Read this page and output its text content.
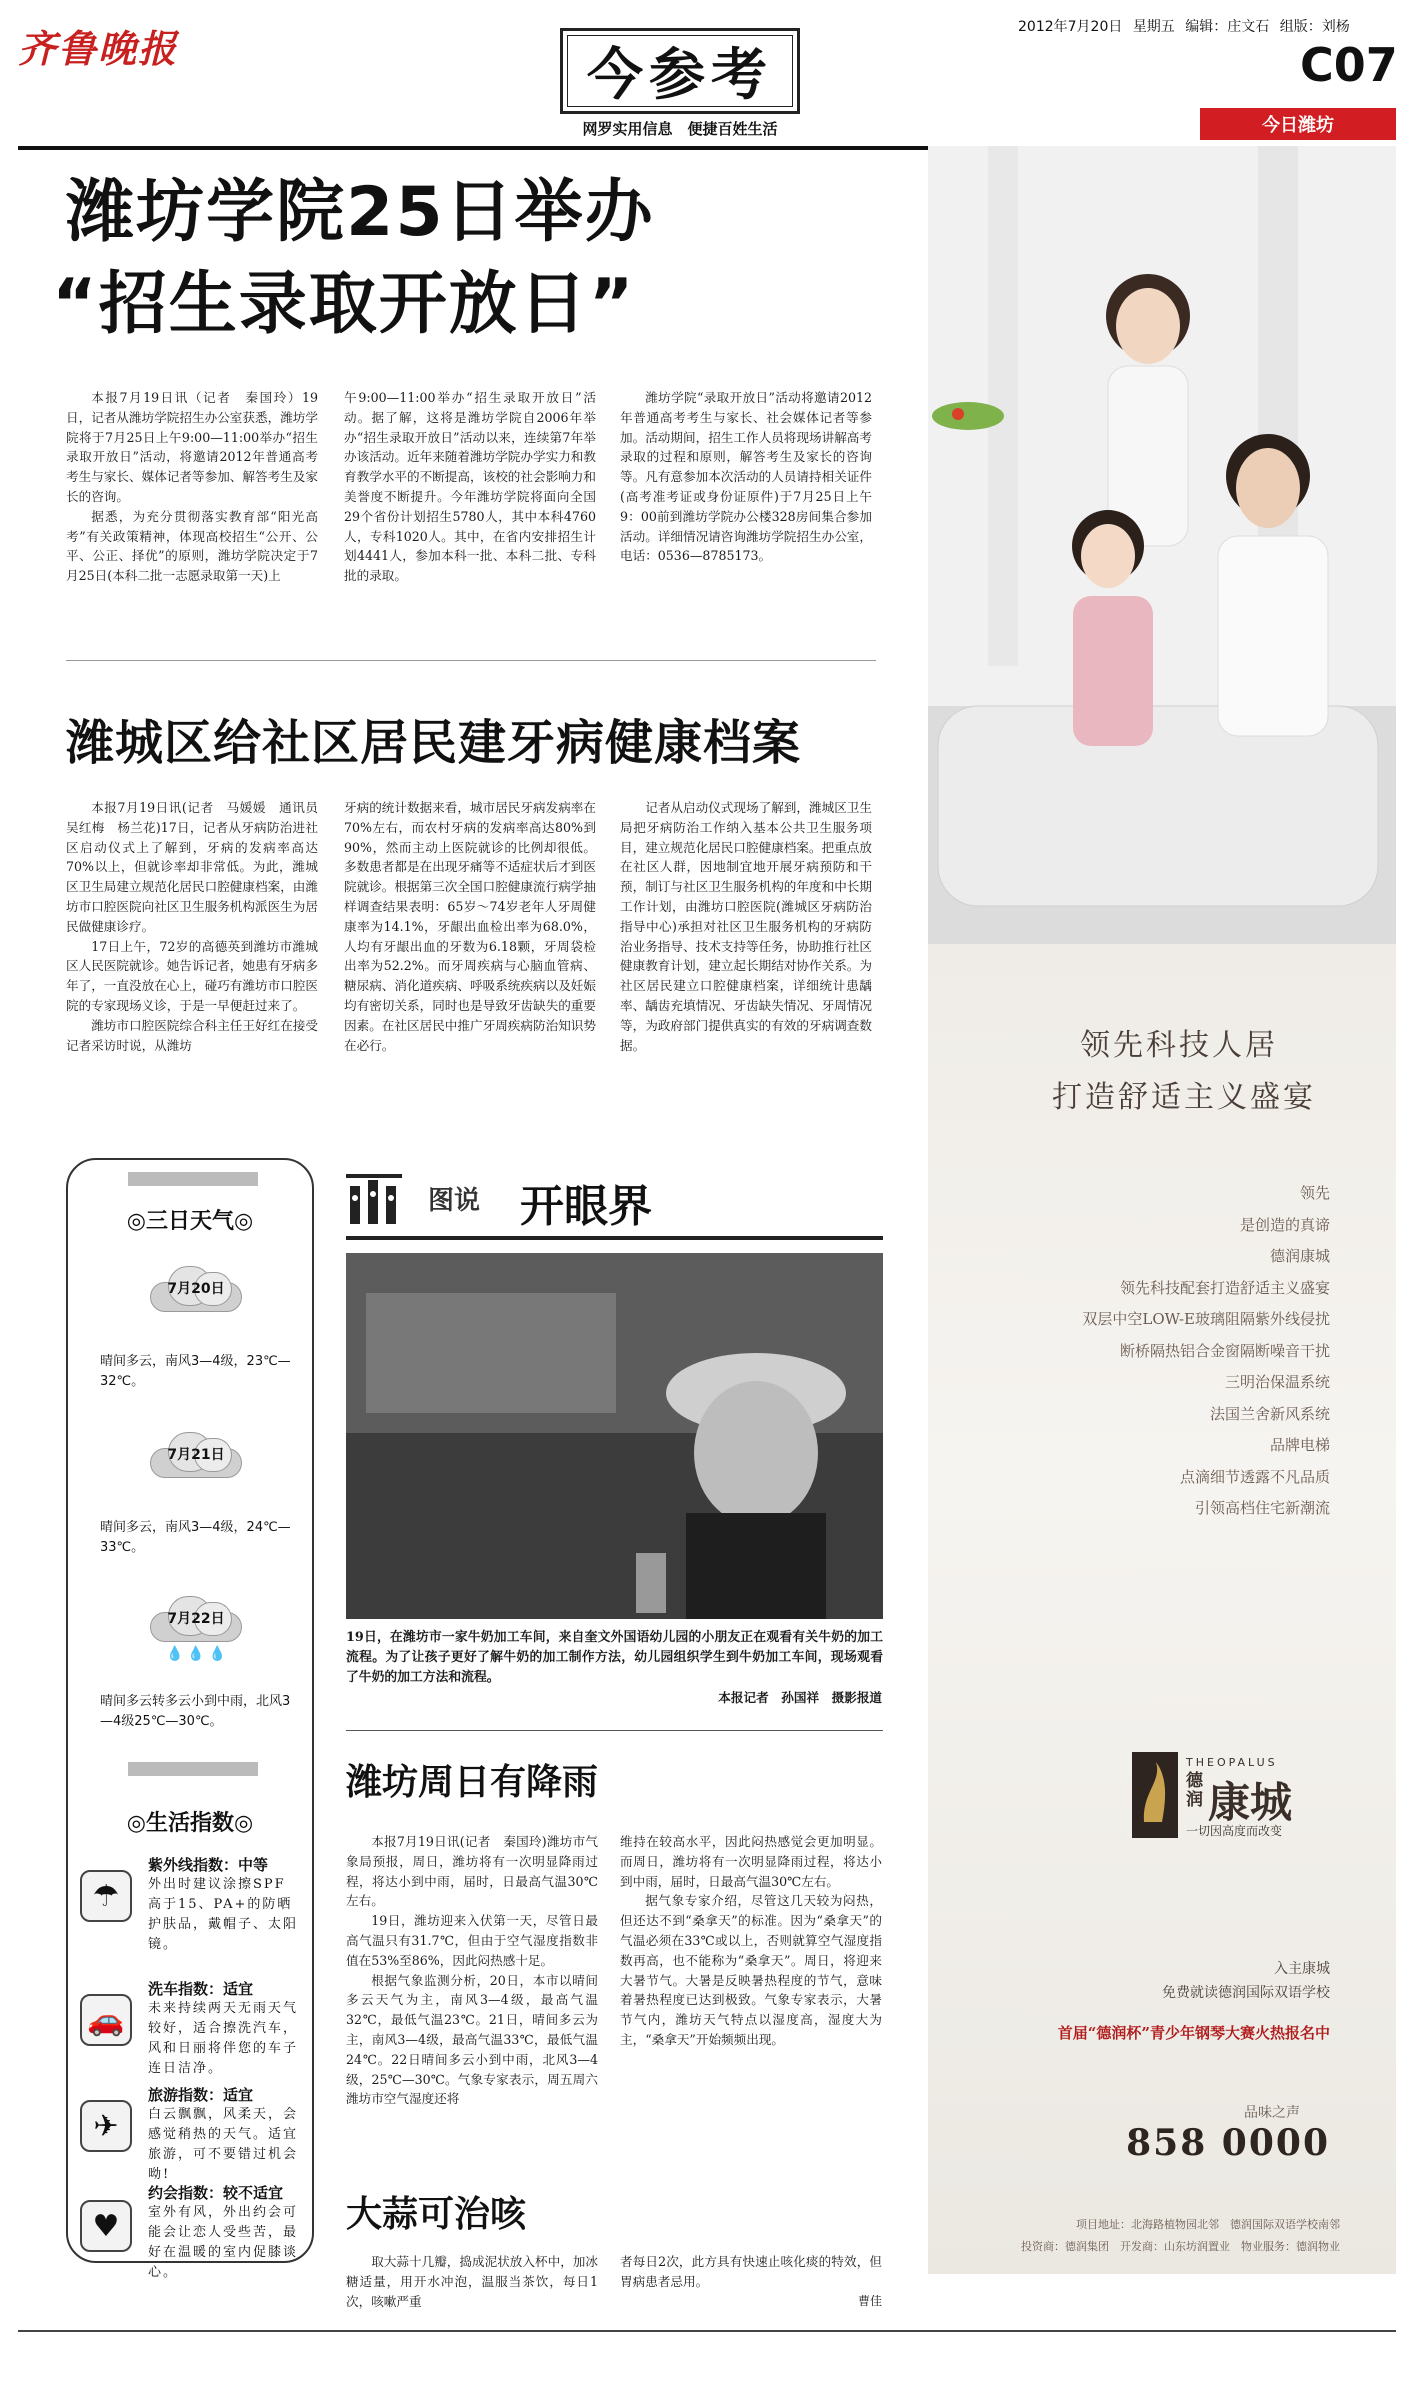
齐鲁晚报	今参考
网罗实用信息　便捷百姓生活
2012年7月20日 星期五 编辑：庄文石 组版：刘杨
C07
今日潍坊
潍坊学院25日举办
“招生录取开放日”

本报7月19日讯（记者　秦国玲）19日，记者从潍坊学院招生办公室获悉，潍坊学院将于7月25日上午9:00—11:00举办“招生录取开放日”活动，将邀请2012年普通高考考生与家长、媒体记者等参加、解答考生及家长的咨询。

据悉，为充分贯彻落实教育部“阳光高考”有关政策精神，体现高校招生“公开、公平、公正、择优”的原则，潍坊学院决定于7月25日(本科二批一志愿录取第一天)上

午9:00—11:00举办“招生录取开放日”活动。据了解，这将是潍坊学院自2006年举办“招生录取开放日”活动以来，连续第7年举办该活动。近年来随着潍坊学院办学实力和教育教学水平的不断提高，该校的社会影响力和美誉度不断提升。今年潍坊学院将面向全国29个省份计划招生5780人，其中本科4760人，专科1020人。其中，在省内安排招生计划4441人，参加本科一批、本科二批、专科批的录取。

潍坊学院“录取开放日”活动将邀请2012年普通高考考生与家长、社会媒体记者等参加。活动期间，招生工作人员将现场讲解高考录取的过程和原则，解答考生及家长的咨询等。凡有意参加本次活动的人员请持相关证件(高考准考证或身份证原件)于7月25日上午9：00前到潍坊学院办公楼328房间集合参加活动。详细情况请咨询潍坊学院招生办公室，电话：0536—8785173。

潍城区给社区居民建牙病健康档案

本报7月19日讯(记者　马媛媛　通讯员　吴红梅　杨兰花)17日，记者从牙病防治进社区启动仪式上了解到，牙病的发病率高达70%以上，但就诊率却非常低。为此，潍城区卫生局建立规范化居民口腔健康档案，由潍坊市口腔医院向社区卫生服务机构派医生为居民做健康诊疗。

17日上午，72岁的高德英到潍坊市潍城区人民医院就诊。她告诉记者，她患有牙病多年了，一直没放在心上，碰巧有潍坊市口腔医院的专家现场义诊，于是一早便赶过来了。

潍坊市口腔医院综合科主任王好红在接受记者采访时说，从潍坊

牙病的统计数据来看，城市居民牙病发病率在70%左右，而农村牙病的发病率高达80%到90%，然而主动上医院就诊的比例却很低。多数患者都是在出现牙痛等不适症状后才到医院就诊。根据第三次全国口腔健康流行病学抽样调查结果表明：65岁～74岁老年人牙周健康率为14.1%，牙龈出血检出率为68.0%，人均有牙龈出血的牙数为6.18颗，牙周袋检出率为52.2%。而牙周疾病与心脑血管病、糖尿病、消化道疾病、呼吸系统疾病以及妊娠均有密切关系，同时也是导致牙齿缺失的重要因素。在社区居民中推广牙周疾病防治知识势在必行。

记者从启动仪式现场了解到，潍城区卫生局把牙病防治工作纳入基本公共卫生服务项目，建立规范化居民口腔健康档案。把重点放在社区人群，因地制宜地开展牙病预防和干预，制订与社区卫生服务机构的年度和中长期工作计划，由潍坊口腔医院(潍城区牙病防治指导中心)承担对社区卫生服务机构的牙病防治业务指导、技术支持等任务，协助推行社区健康教育计划，建立起长期结对协作关系。为社区居民建立口腔健康档案，详细统计患龋率、龋齿充填情况、牙齿缺失情况、牙周情况等，为政府部门提供真实的有效的牙病调查数据。

◎三日天气◎
7月20日
晴间多云，南风3—4级，23℃—32℃。
7月21日
晴间多云，南风3—4级，24℃—33℃。
7月22日
💧💧💧
晴间多云转多云小到中雨，北风3—4级25℃—30℃。
◎生活指数◎
☂
紫外线指数：中等
外出时建议涂擦SPF高于15、PA+的防晒护肤品，戴帽子、太阳镜。
🚗
洗车指数：适宜
未来持续两天无雨天气较好，适合擦洗汽车，风和日丽将伴您的车子连日洁净。
✈
旅游指数：适宜
白云飘飘，风柔天，会感觉稍热的天气。适宜旅游，可不要错过机会呦!
♥
约会指数：较不适宜
室外有风，外出约会可能会让恋人受些苦，最好在温暖的室内促膝谈心。
图说 开眼界
19日，在潍坊市一家牛奶加工车间，来自奎文外国语幼儿园的小朋友正在观看有关牛奶的加工流程。为了让孩子更好了解牛奶的加工制作方法，幼儿园组织学生到牛奶加工车间，现场观看了牛奶的加工方法和流程。
本报记者　孙国祥　摄影报道
潍坊周日有降雨

本报7月19日讯(记者　秦国玲)潍坊市气象局预报，周日，潍坊将有一次明显降雨过程，将达小到中雨，届时，日最高气温30℃左右。

19日，潍坊迎来入伏第一天，尽管日最高气温只有31.7℃，但由于空气湿度指数非值在53%至86%，因此闷热感十足。

根据气象监测分析，20日，本市以晴间多云天气为主，南风3—4级，最高气温32℃，最低气温23℃。21日，晴间多云为主，南风3—4级，最高气温33℃，最低气温24℃。22日晴间多云小到中雨，北风3—4级，25℃—30℃。气象专家表示，周五周六潍坊市空气湿度还将

维持在较高水平，因此闷热感觉会更加明显。而周日，潍坊将有一次明显降雨过程，将达小到中雨，届时，日最高气温30℃左右。

据气象专家介绍，尽管这几天较为闷热，但还达不到“桑拿天”的标准。因为“桑拿天”的气温必须在33℃或以上，否则就算空气湿度指数再高，也不能称为“桑拿天”。周日，将迎来大暑节气。大暑是反映暑热程度的节气，意味着暑热程度已达到极致。气象专家表示，大暑节气内，潍坊天气特点以湿度高，湿度大为主，“桑拿天”开始频频出现。

大蒜可治咳

取大蒜十几瓣，捣成泥状放入杯中，加冰糖适量，用开水冲泡，温服当茶饮，每日1次，咳嗽严重

者每日2次，此方具有快速止咳化痰的特效，但胃病患者忌用。

领先科技人居
打造舒适主义盛宴
领先
是创造的真谛
德润康城
领先科技配套打造舒适主义盛宴
双层中空LOW-E玻璃阻隔紫外线侵扰
断桥隔热铝合金窗隔断噪音干扰
三明治保温系统
法国兰舍新风系统
品牌电梯
点滴细节透露不凡品质
引领高档住宅新潮流
THEOPALUS
德润 康城
一切因高度而改变
入主康城
免费就读德润国际双语学校
首届“德润杯”青少年钢琴大赛火热报名中
品味之声
858 0000
项目地址：北海路植物园北邻　德润国际双语学校南邻
投资商：德润集团　开发商：山东坊润置业　物业服务：德润物业
曹佳
